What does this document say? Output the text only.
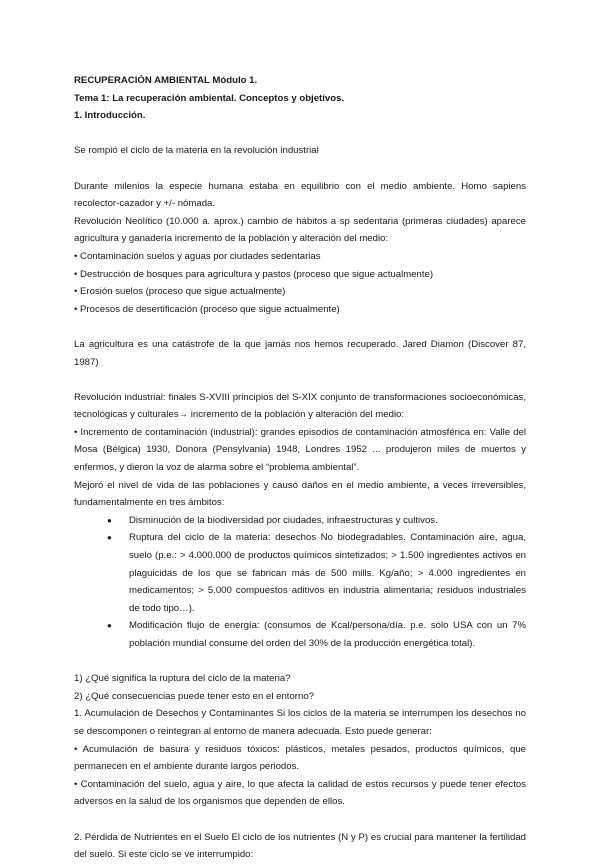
RECUPERACIÓN AMBIENTAL Módulo 1.

Tema 1: La recuperación ambiental. Conceptos y objetivos.

1. Introducción.

Se rompió el ciclo de la materia en la revolución industrial

Durante milenios la especie humana estaba en equilibrio con el medio ambiente. Homo sapiens recolector-cazador y +/- nómada.

Revolución Neolítico (10.000 a. aprox.) cambio de hábitos a sp sedentaria (primeras ciudades) aparece agricultura y ganadería incremento de la población y alteración del medio:

• Contaminación suelos y aguas por ciudades sedentarias

• Destrucción de bosques para agricultura y pastos (proceso que sigue actualmente)

• Erosión suelos (proceso que sigue actualmente)

• Procesos de desertificación (proceso que sigue actualmente)

La agricultura es una catástrofe de la que jamás nos hemos recuperado. Jared Diamon (Discover 87, 1987)

Revolución industrial: finales S-XVIII principios del S-XIX conjunto de transformaciones socioeconómicas, tecnológicas y culturales→ incremento de la población y alteración del medio:

• Incremento de contaminación (industrial): grandes episodios de contaminación atmosférica en: Valle del Mosa (Bélgica) 1930, Donora (Pensylvania) 1948, Londres 1952 ... produjeron miles de muertos y enfermos, y dieron la voz de alarma sobre el “problema ambiental”.

Mejoró el nivel de vida de las poblaciones y causó daños en el medio ambiente, a veces irreversibles, fundamentalmente en tres ámbitos:

● Disminución de la biodiversidad por ciudades, infraestructuras y cultivos.
● Ruptura del ciclo de la materia: desechos No biodegradables. Contaminación aire, agua, suelo (p.e.: > 4.000.000 de productos químicos sintetizados; > 1.500 ingredientes activos en plaguicidas de los que se fabrican más de 500 mills. Kg/año; > 4.000 ingredientes en medicamentos; > 5.000 compuestos aditivos en industria alimentaria; residuos industriales de todo tipo…).
● Modificación flujo de energía: (consumos de Kcal/persona/día. p.e. sólo USA con un 7% población mundial consume del orden del 30% de la producción energética total).

1) ¿Qué significa la ruptura del ciclo de la materia?

2) ¿Qué consecuencias puede tener esto en el entorno?

1. Acumulación de Desechos y Contaminantes Si los ciclos de la materia se interrumpen los desechos no se descomponen o reintegran al entorno de manera adecuada. Esto puede generar:

• Acumulación de basura y residuos tóxicos: plásticos, metales pesados, productos químicos, que permanecen en el ambiente durante largos periodos.

• Contaminación del suelo, agua y aire, lo que afecta la calidad de estos recursos y puede tener efectos adversos en la salud de los organismos que dependen de ellos.

2. Pérdida de Nutrientes en el Suelo El ciclo de los nutrientes (N y P) es crucial para mantener la fertilidad del suelo. Si este ciclo se ve interrumpido:
